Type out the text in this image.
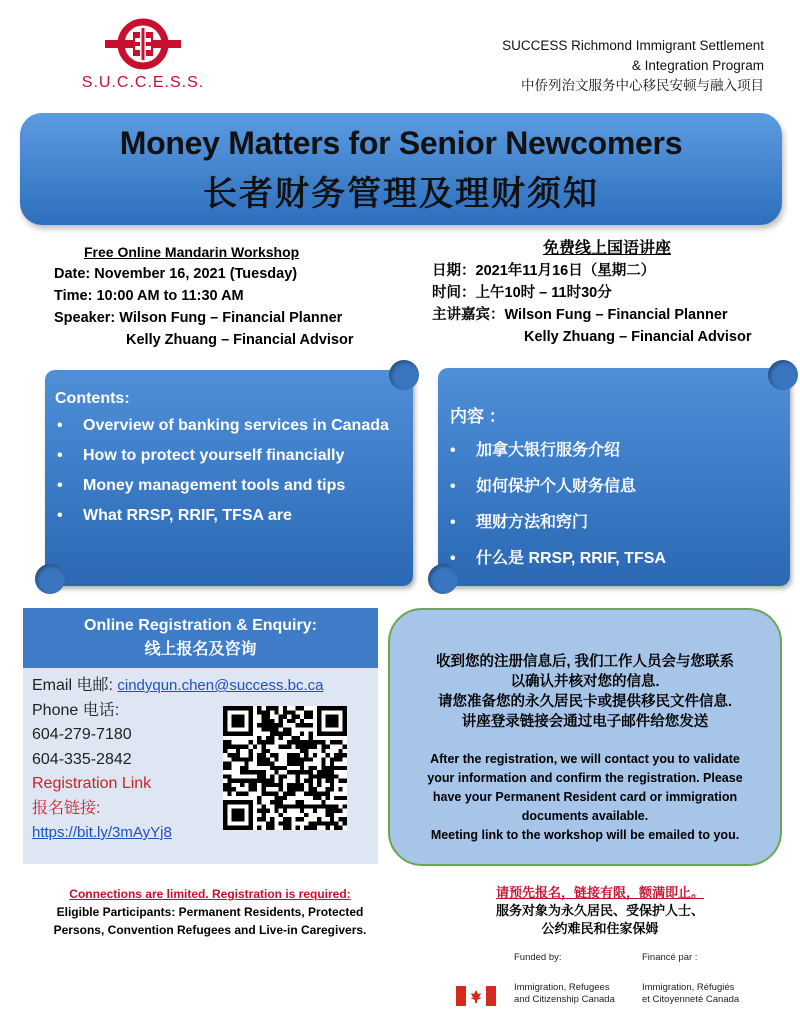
S.U.C.C.E.S.S.
SUCCESS Richmond Immigrant Settlement
& Integration Program
中侨列治文服务中心移民安顿与融入项目
Money Matters for Senior Newcomers
长者财务管理及理财须知
Free Online Mandarin Workshop
Date: November 16, 2021 (Tuesday)
Time: 10:00 AM to 11:30 AM
Speaker: Wilson Fung – Financial Planner
Kelly Zhuang – Financial Advisor
免费线上国语讲座
日期：2021年11月16日（星期二）
时间：上午10时 – 11时30分
主讲嘉宾：Wilson Fung – Financial Planner
Kelly Zhuang – Financial Advisor
Contents:
• Overview of banking services in Canada
• How to protect yourself financially
• Money management tools and tips
• What RRSP, RRIF, TFSA are
内容 ：
• 加拿大银行服务介绍
• 如何保护个人财务信息
• 理财方法和窍门
• 什么是 RRSP, RRIF, TFSA
Online Registration & Enquiry:
线上报名及咨询
Email 电邮: cindyqun.chen@success.bc.ca
Phone 电话:
604-279-7180
604-335-2842
Registration Link
报名链接:
https://bit.ly/3mAyYj8
收到您的注册信息后, 我们工作人员会与您联系
以确认并核对您的信息.
请您准备您的永久居民卡或提供移民文件信息.
讲座登录链接会通过电子邮件给您发送
After the registration, we will contact you to validate
your information and confirm the registration. Please
have your Permanent Resident card or immigration
documents available.
Meeting link to the workshop will be emailed to you.
Connections are limited. Registration is required:
Eligible Participants: Permanent Residents, Protected
Persons, Convention Refugees and Live-in Caregivers.
请预先报名，链接有限，额满即止。
服务对象为永久居民、受保护人士、
公约难民和住家保姆
Funded by:	Financé par :
Immigration, Refugees
and Citizenship Canada
Immigration, Réfugiés
et Citoyenneté Canada
